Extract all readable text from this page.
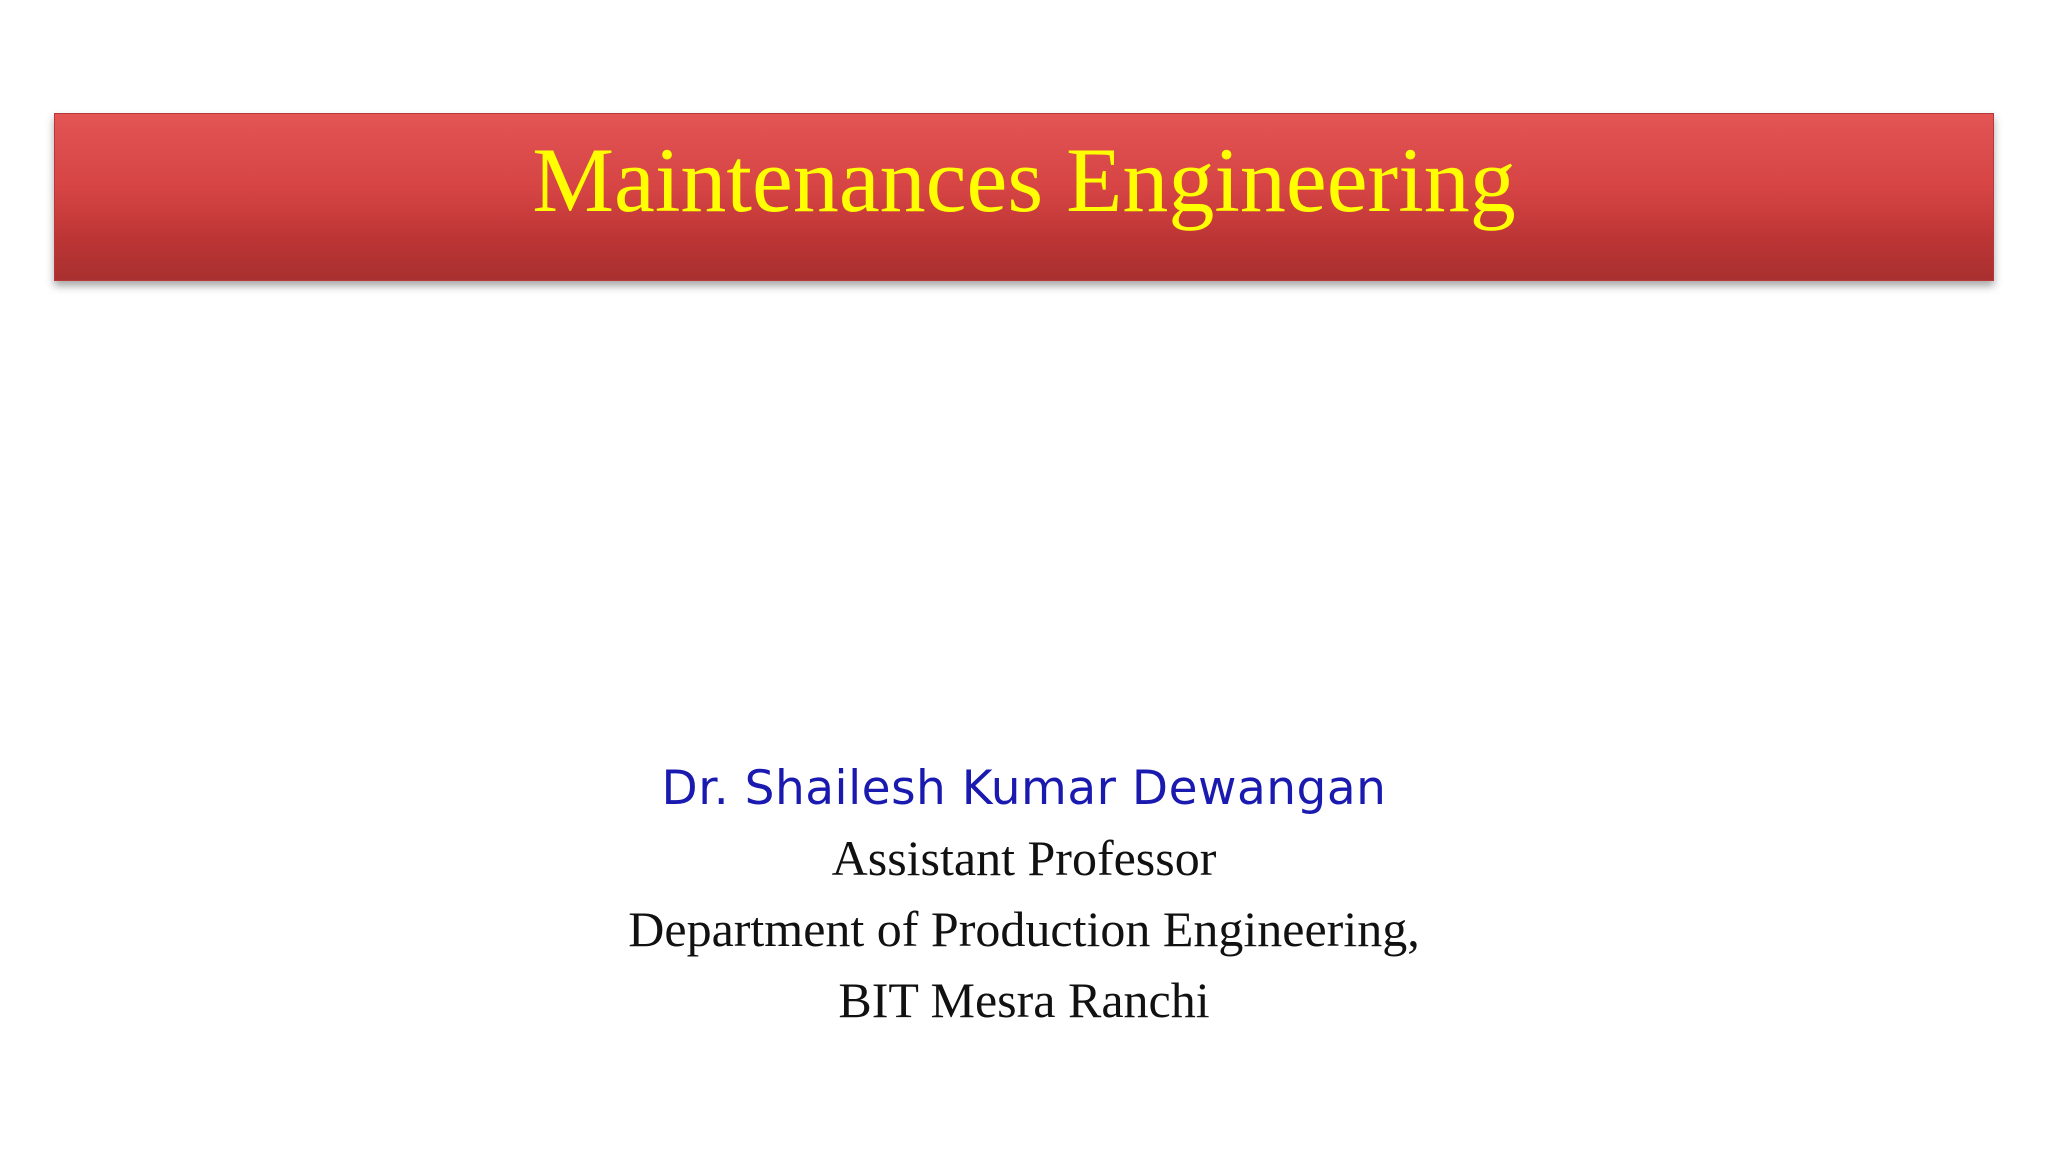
Maintenances Engineering

Dr. Shailesh Kumar Dewangan

Assistant Professor

Department of Production Engineering,

BIT Mesra Ranchi
